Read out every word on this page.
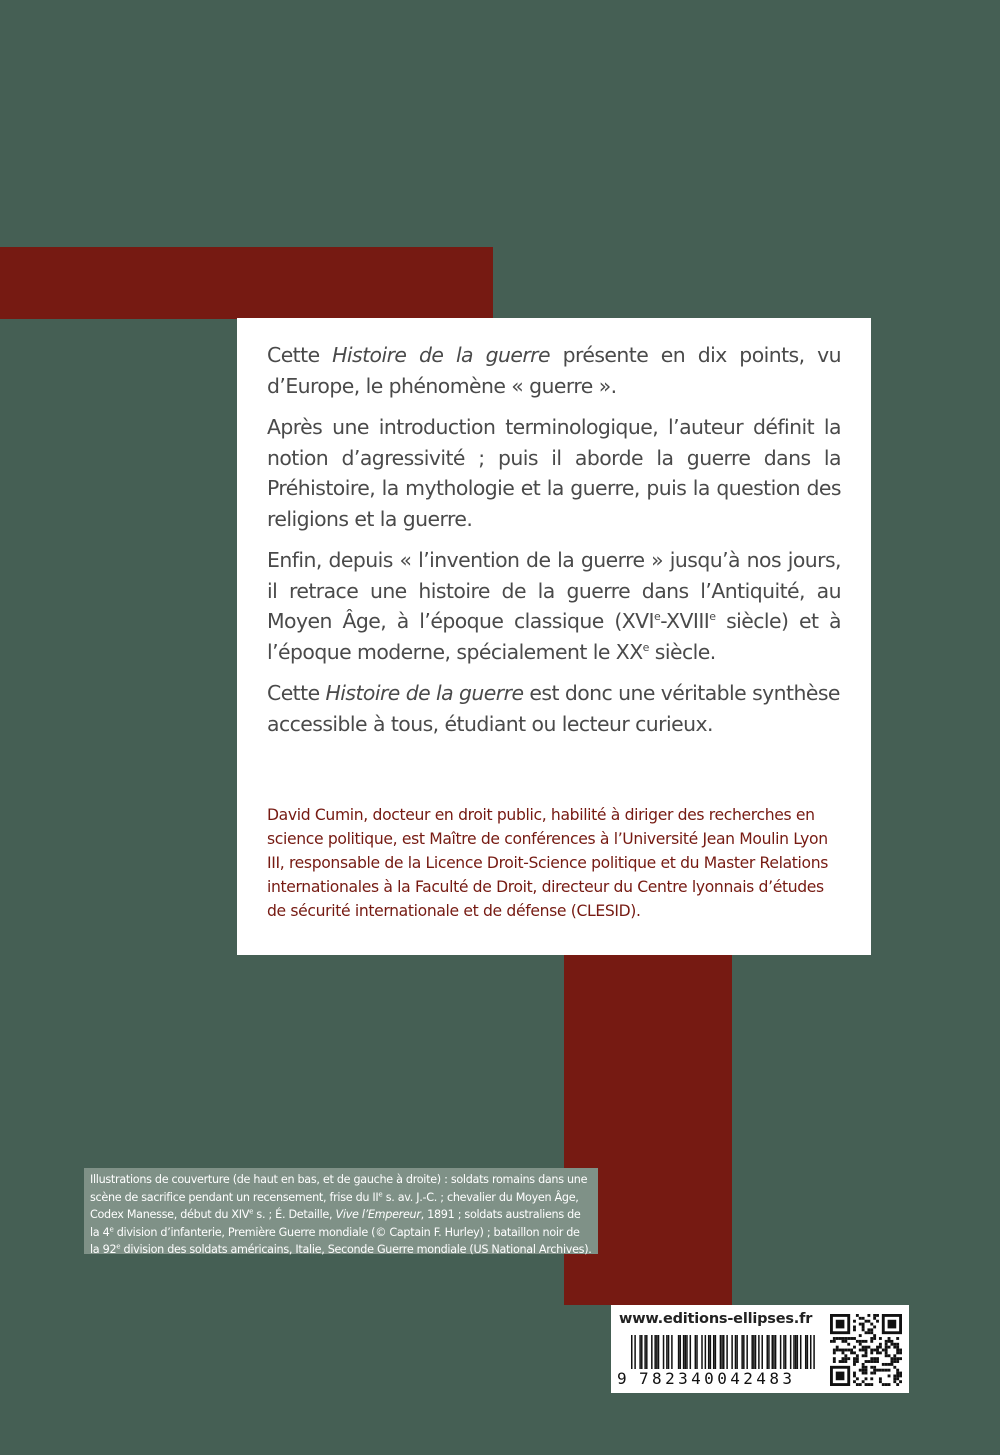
Cette Histoire de la guerre présente en dix points, vu d’Europe, le phénomène « guerre ».

Après une introduction terminologique, l’auteur définit la notion d’agressivité ; puis il aborde la guerre dans la Préhistoire, la mythologie et la guerre, puis la question des religions et la guerre.

Enfin, depuis « l’invention de la guerre » jusqu’à nos jours, il retrace une histoire de la guerre dans l’Antiquité, au Moyen Âge, à l’époque classique (XVIe-XVIIIe siècle) et à l’époque moderne, spécialement le XXe siècle.

Cette Histoire de la guerre est donc une véritable synthèse accessible à tous, étudiant ou lecteur curieux.

David Cumin, docteur en droit public, habilité à diriger des recherches en science politique, est Maître de conférences à l’Université Jean Moulin Lyon III, responsable de la Licence Droit-Science politique et du Master Relations internationales à la Faculté de Droit, directeur du Centre lyonnais d’études de sécurité internationale et de défense (CLESID).
Illustrations de couverture (de haut en bas, et de gauche à droite) : soldats romains dans une scène de sacrifice pendant un recensement, frise du IIe s. av. J.-C. ; chevalier du Moyen Âge, Codex Manesse, début du XIVe s. ; É. Detaille, Vive l’Empereur, 1891 ; soldats australiens de la 4e division d’infanterie, Première Guerre mondiale (© Captain F. Hurley) ; bataillon noir de la 92e division des soldats américains, Italie, Seconde Guerre mondiale (US National Archives).
www.editions-ellipses.fr
9 782340042483
